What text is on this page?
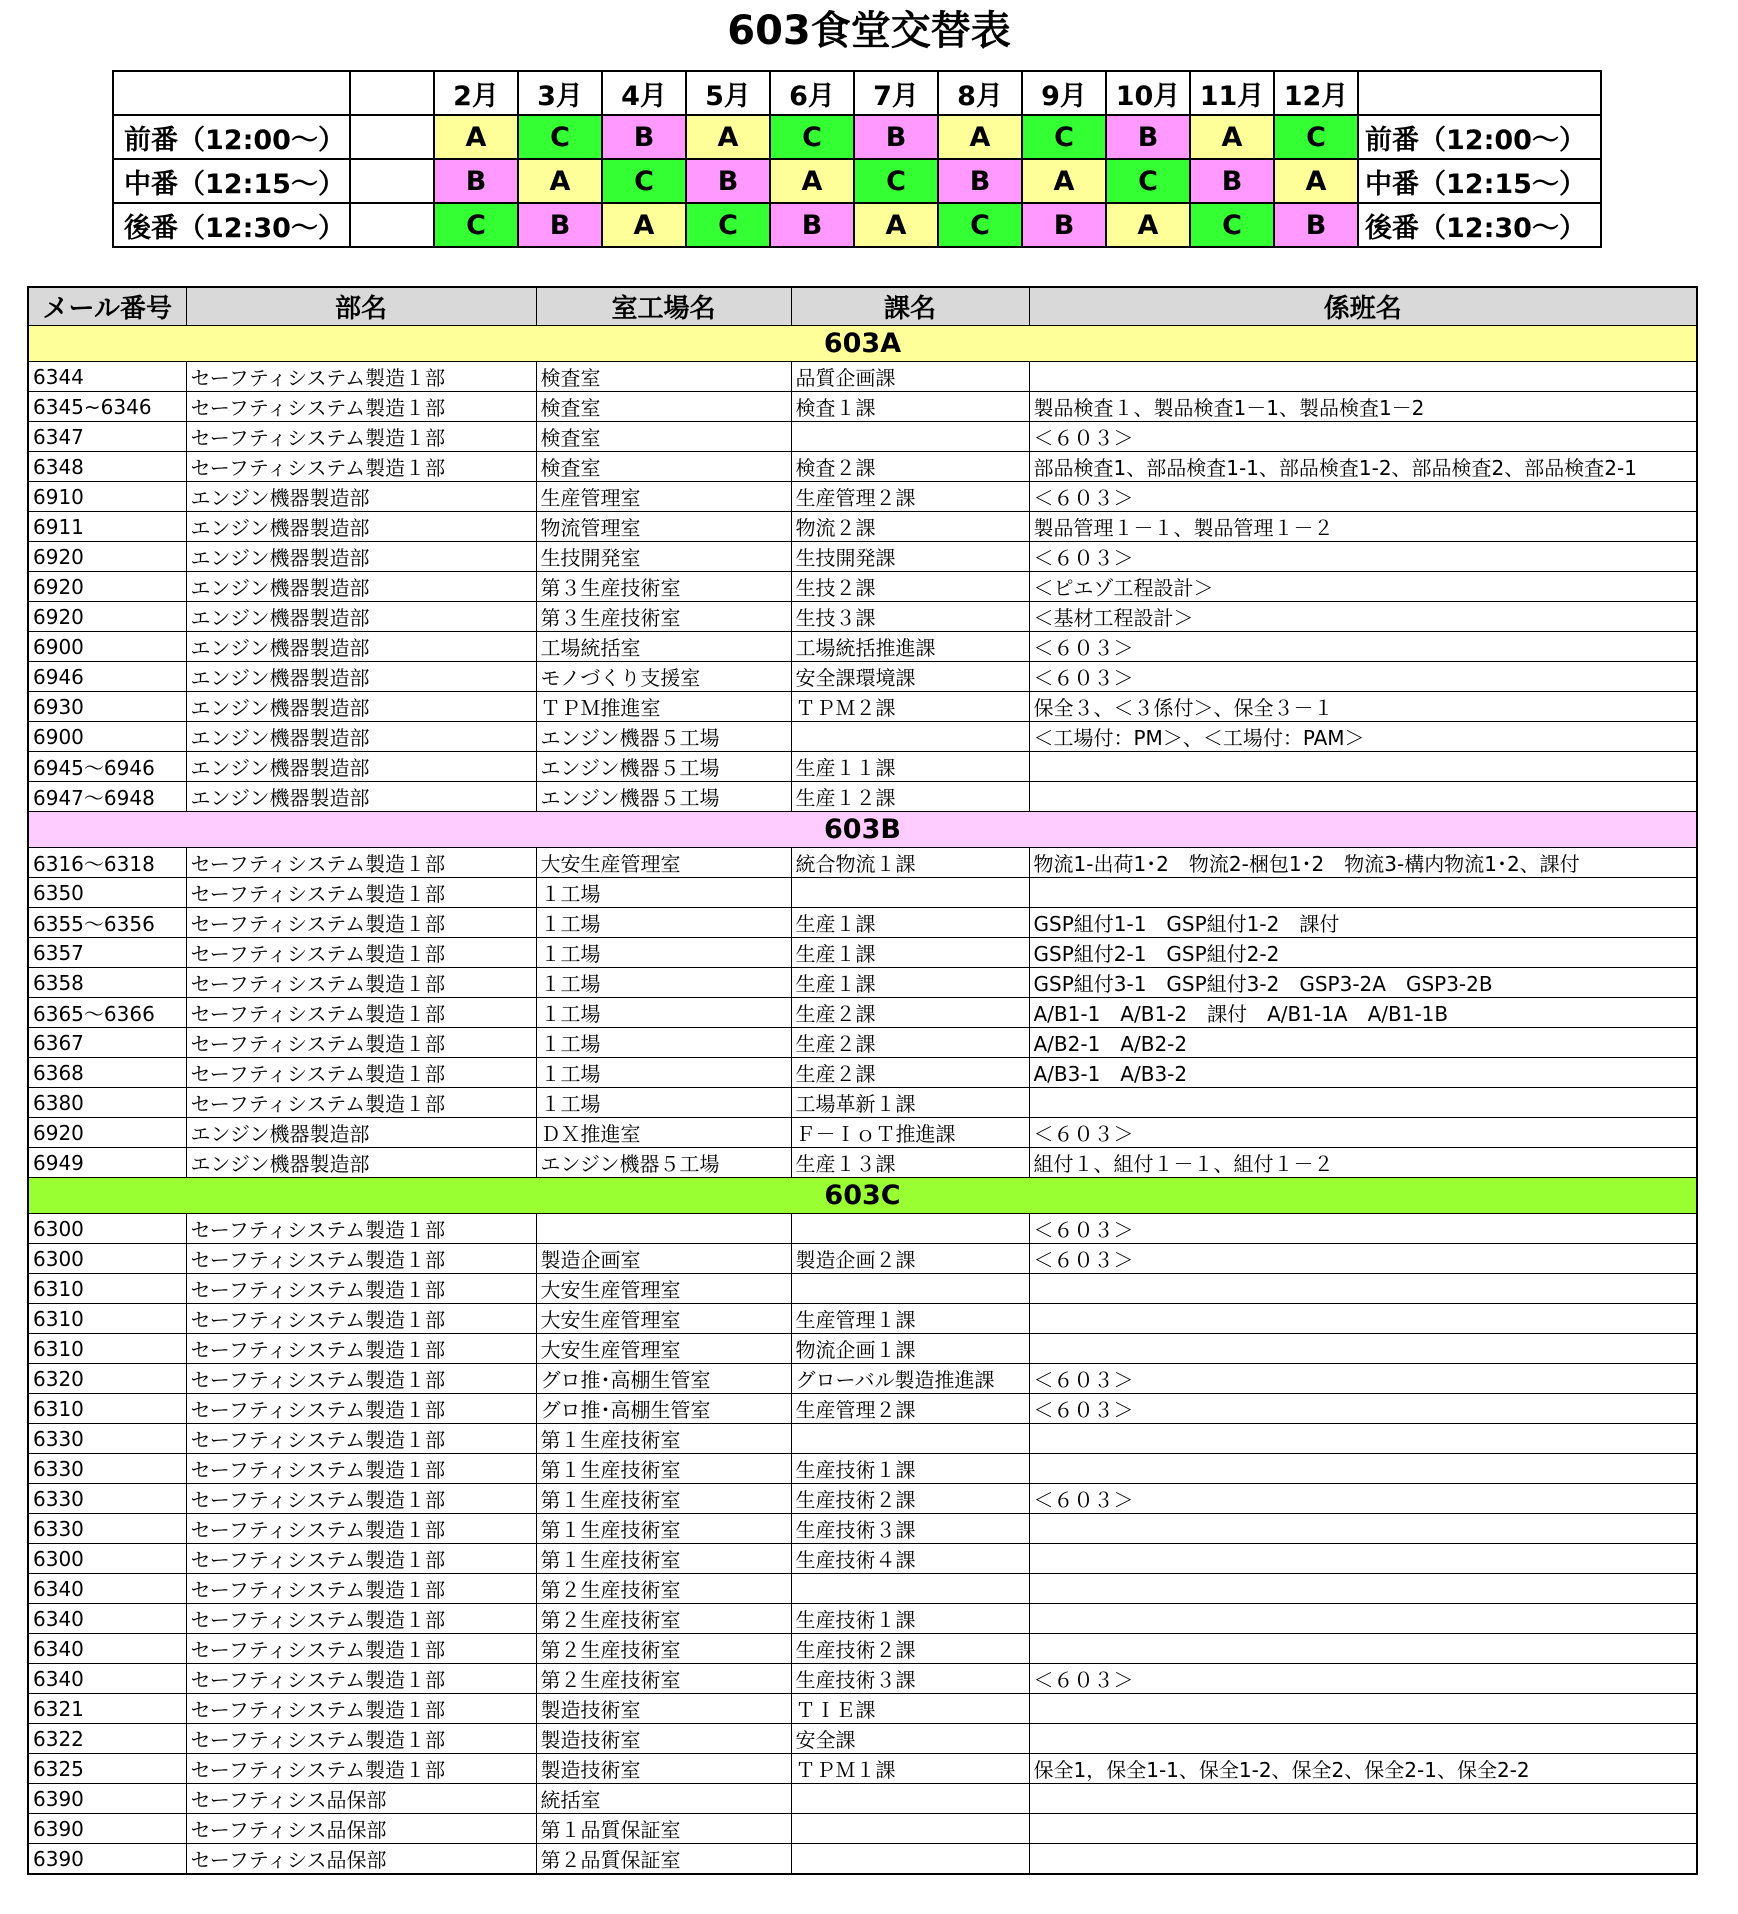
603食堂交替表
		2月	3月	4月	5月	6月	7月	8月	9月	10月	11月	12月	
前番（12:00～）		A	C	B	A	C	B	A	C	B	A	C	前番（12:00～）
中番（12:15～）		B	A	C	B	A	C	B	A	C	B	A	中番（12:15～）
後番（12:30～）		C	B	A	C	B	A	C	B	A	C	B	後番（12:30～）
メール番号	部名	室工場名	課名	係班名
603A				
6344	セーフティシステム製造１部	検査室	品質企画課	
6345~6346	セーフティシステム製造１部	検査室	検査１課	製品検査１、製品検査1－1、製品検査1－2
6347	セーフティシステム製造１部	検査室		＜６０３＞
6348	セーフティシステム製造１部	検査室	検査２課	部品検査1、部品検査1-1、部品検査1-2、部品検査2、部品検査2-1
6910	エンジン機器製造部	生産管理室	生産管理２課	＜６０３＞
6911	エンジン機器製造部	物流管理室	物流２課	製品管理１－１、製品管理１－２
6920	エンジン機器製造部	生技開発室	生技開発課	＜６０３＞
6920	エンジン機器製造部	第３生産技術室	生技２課	＜ピエゾ工程設計＞
6920	エンジン機器製造部	第３生産技術室	生技３課	＜基材工程設計＞
6900	エンジン機器製造部	工場統括室	工場統括推進課	＜６０３＞
6946	エンジン機器製造部	モノづくり支援室	安全課環境課	＜６０３＞
6930	エンジン機器製造部	ＴＰＭ推進室	ＴＰＭ２課	保全３、＜３係付＞、保全３－１
6900	エンジン機器製造部	エンジン機器５工場		＜工場付：PM＞、＜工場付：PAM＞
6945～6946	エンジン機器製造部	エンジン機器５工場	生産１１課	
6947～6948	エンジン機器製造部	エンジン機器５工場	生産１２課	
603B				
6316～6318	セーフティシステム製造１部	大安生産管理室	統合物流１課	物流1-出荷1･2　物流2-梱包1･2　物流3-構内物流1･2、課付
6350	セーフティシステム製造１部	１工場		
6355～6356	セーフティシステム製造１部	１工場	生産１課	GSP組付1-1　GSP組付1-2　課付
6357	セーフティシステム製造１部	１工場	生産１課	GSP組付2-1　GSP組付2-2
6358	セーフティシステム製造１部	１工場	生産１課	GSP組付3-1　GSP組付3-2　GSP3-2A　GSP3-2B
6365～6366	セーフティシステム製造１部	１工場	生産２課	A/B1-1　A/B1-2　課付　A/B1-1A　A/B1-1B
6367	セーフティシステム製造１部	１工場	生産２課	A/B2-1　A/B2-2
6368	セーフティシステム製造１部	１工場	生産２課	A/B3-1　A/B3-2
6380	セーフティシステム製造１部	１工場	工場革新１課	
6920	エンジン機器製造部	ＤＸ推進室	Ｆ－ＩｏＴ推進課	＜６０３＞
6949	エンジン機器製造部	エンジン機器５工場	生産１３課	組付１、組付１－１、組付１－２
603C				
6300	セーフティシステム製造１部			＜６０３＞
6300	セーフティシステム製造１部	製造企画室	製造企画２課	＜６０３＞
6310	セーフティシステム製造１部	大安生産管理室		
6310	セーフティシステム製造１部	大安生産管理室	生産管理１課	
6310	セーフティシステム製造１部	大安生産管理室	物流企画１課	
6320	セーフティシステム製造１部	グロ推･高棚生管室	グローバル製造推進課	＜６０３＞
6310	セーフティシステム製造１部	グロ推･高棚生管室	生産管理２課	＜６０３＞
6330	セーフティシステム製造１部	第１生産技術室		
6330	セーフティシステム製造１部	第１生産技術室	生産技術１課	
6330	セーフティシステム製造１部	第１生産技術室	生産技術２課	＜６０３＞
6330	セーフティシステム製造１部	第１生産技術室	生産技術３課	
6300	セーフティシステム製造１部	第１生産技術室	生産技術４課	
6340	セーフティシステム製造１部	第２生産技術室		
6340	セーフティシステム製造１部	第２生産技術室	生産技術１課	
6340	セーフティシステム製造１部	第２生産技術室	生産技術２課	
6340	セーフティシステム製造１部	第２生産技術室	生産技術３課	＜６０３＞
6321	セーフティシステム製造１部	製造技術室	ＴＩＥ課	
6322	セーフティシステム製造１部	製造技術室	安全課	
6325	セーフティシステム製造１部	製造技術室	ＴＰＭ１課	保全1，保全1-1、保全1-2、保全2、保全2-1、保全2-2
6390	セーフティシス品保部	統括室		
6390	セーフティシス品保部	第１品質保証室		
6390	セーフティシス品保部	第２品質保証室		
